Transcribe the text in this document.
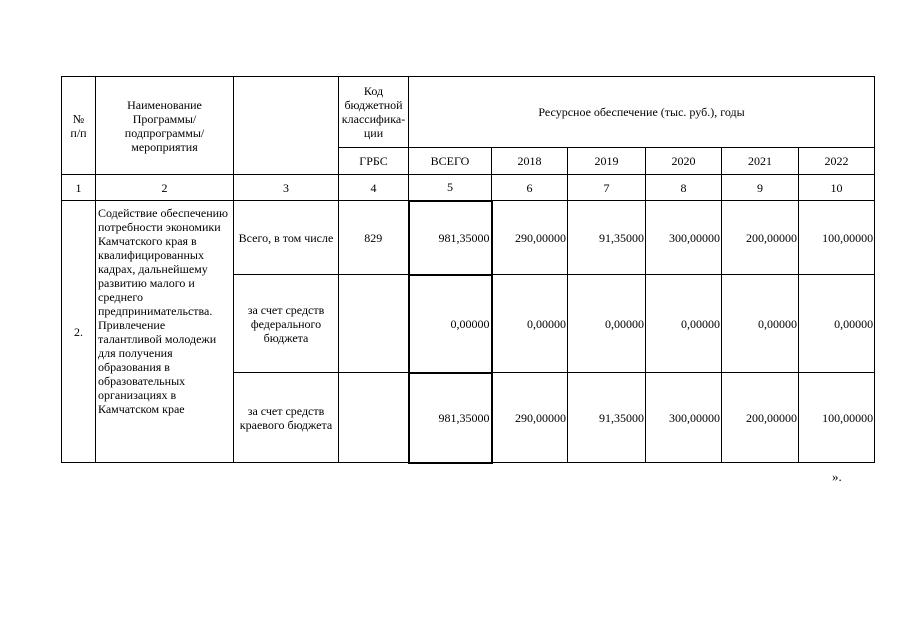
№
п/п	Наименование
Программы/
подпрограммы/
мероприятия		Код
бюджетной
классифика-
ции	Ресурсное обеспечение (тыс. руб.), годы					
			ГРБС	ВСЕГО	2018	2019	2020	2021	2022
1	2	3	4	5	6	7	8	9	10
2.	Содействие обеспечению потребности экономики Камчатского края в квалифицированных кадрах, дальнейшему развитию малого и среднего предпринимательства. Привлечение талантливой молодежи для получения образования в образовательных организациях в Камчатском крае	Всего, в том числе	829	981,35000	290,00000	91,35000	300,00000	200,00000	100,00000
		за счет средств федерального бюджета		0,00000	0,00000	0,00000	0,00000	0,00000	0,00000
		за счет средств краевого бюджета		981,35000	290,00000	91,35000	300,00000	200,00000	100,00000
».
